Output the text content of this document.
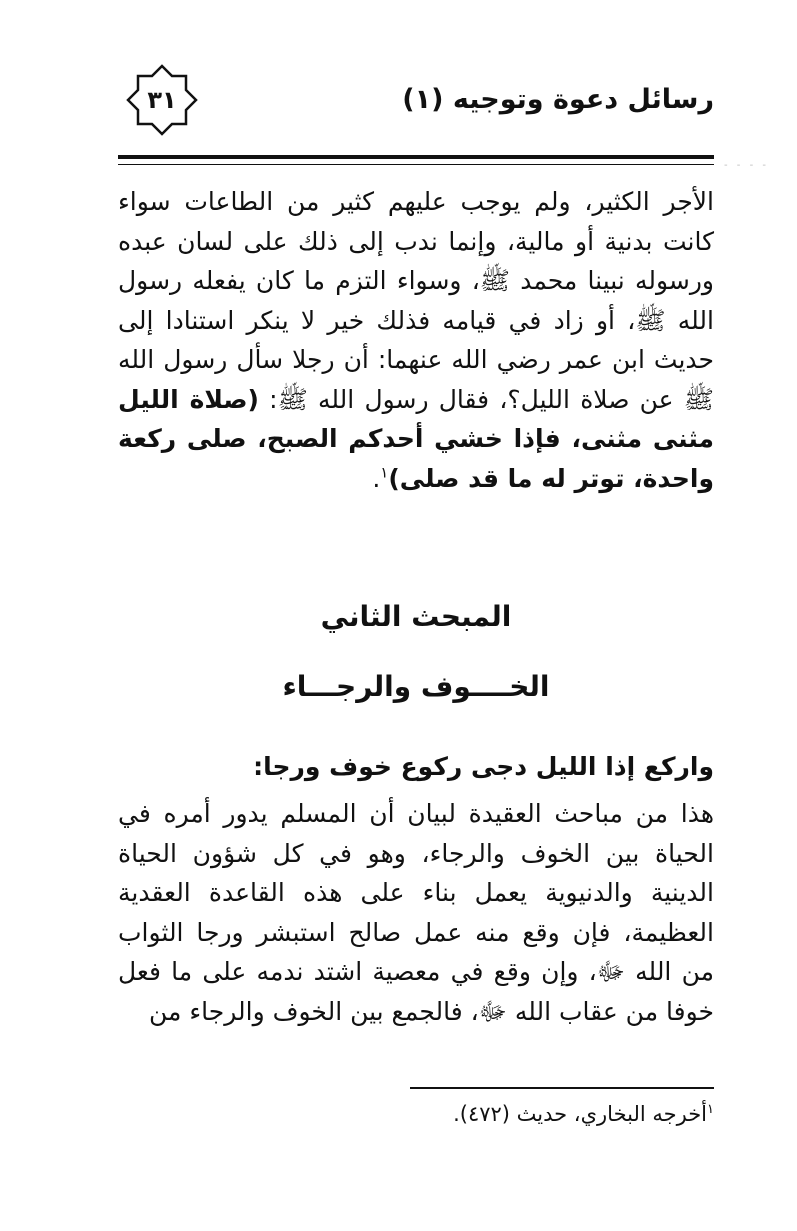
رسائل دعوة وتوجيه (١)
٣١
- - - -
الأجر الكثير، ولم يوجب عليهم كثير من الطاعات سواء كانت بدنية أو مالية، وإنما ندب إلى ذلك على لسان عبده ورسوله نبينا محمد ﷺ، وسواء التزم ما كان يفعله رسول الله ﷺ، أو زاد في قيامه فذلك خير لا ينكر استنادا إلى حديث ابن عمر رضي الله عنهما: أن رجلا سأل رسول الله ﷺ عن صلاة الليل؟، فقال رسول الله ﷺ: (صلاة الليل مثنى مثنى، فإذا خشي أحدكم الصبح، صلى ركعة واحدة، توتر له ما قد صلى)$^١$.
المبحث الثاني
الخــــوف والرجـــاء
واركع إذا الليل دجى ركوع خوف ورجا:
هذا من مباحث العقيدة لبيان أن المسلم يدور أمره في الحياة بين الخوف والرجاء، وهو في كل شؤون الحياة الدينية والدنيوية يعمل بناء على هذه القاعدة العقدية العظيمة، فإن وقع منه عمل صالح استبشر ورجا الثواب من الله ﷻ، وإن وقع في معصية اشتد ندمه على ما فعل خوفا من عقاب الله ﷻ، فالجمع بين الخوف والرجاء من
$^١$أخرجه البخاري، حديث (٤٧٢).
